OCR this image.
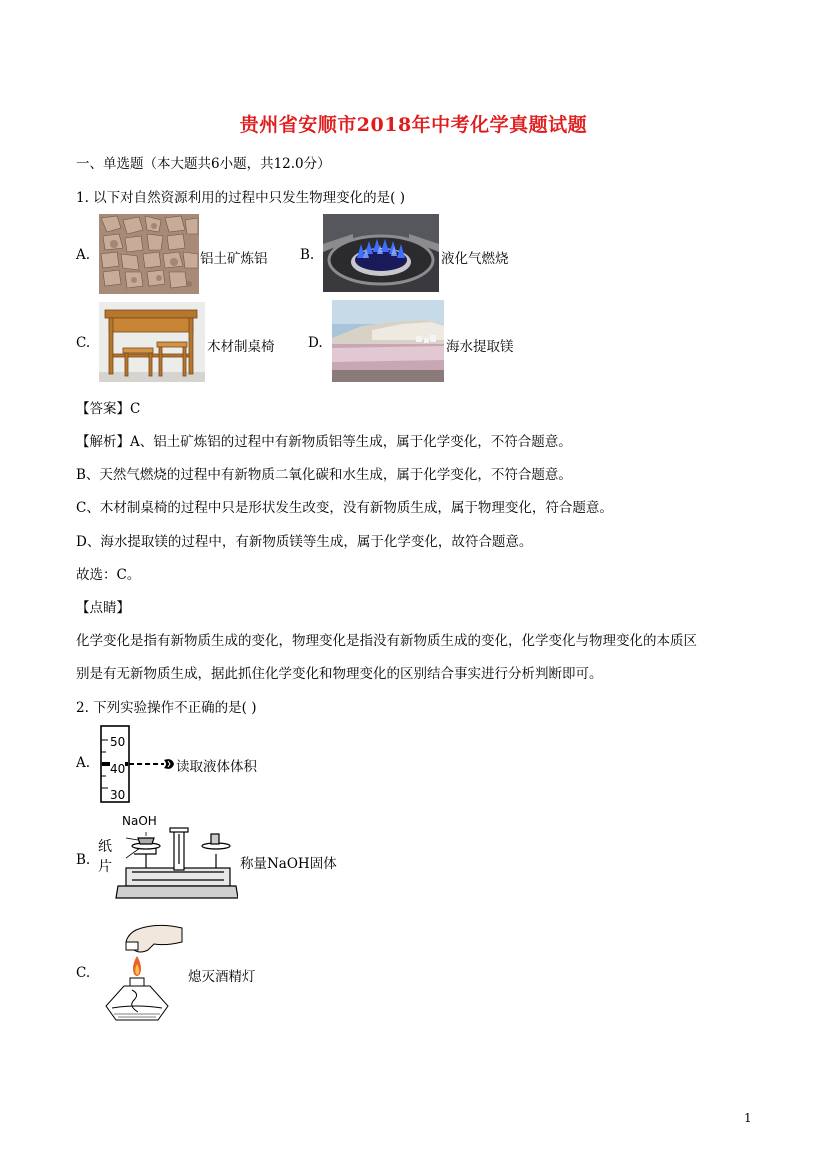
贵州省安顺市2018年中考化学真题试题
一、单选题（本大题共6小题，共12.0分）
1. 以下对自然资源利用的过程中只发生物理变化的是( )
A.	铝土矿炼铝 B.	液化气燃烧
C.	木材制桌椅 D.	海水提取镁
【答案】C
【解析】A、铝土矿炼铝的过程中有新物质铝等生成，属于化学变化，不符合题意。
B、天然气燃烧的过程中有新物质二氧化碳和水生成，属于化学变化，不符合题意。
C、木材制桌椅的过程中只是形状发生改变，没有新物质生成，属于物理变化，符合题意。
D、海水提取镁的过程中，有新物质镁等生成，属于化学变化，故符合题意。
故选：C。
【点睛】
化学变化是指有新物质生成的变化，物理变化是指没有新物质生成的变化，化学变化与物理变化的本质区
别是有无新物质生成，据此抓住化学变化和物理变化的区别结合事实进行分析判断即可。
2. 下列实验操作不正确的是( )
A.
50
40
30
读取液体体积
B.
NaOH
纸
片	称量NaOH固体
C.	熄灭酒精灯
1
